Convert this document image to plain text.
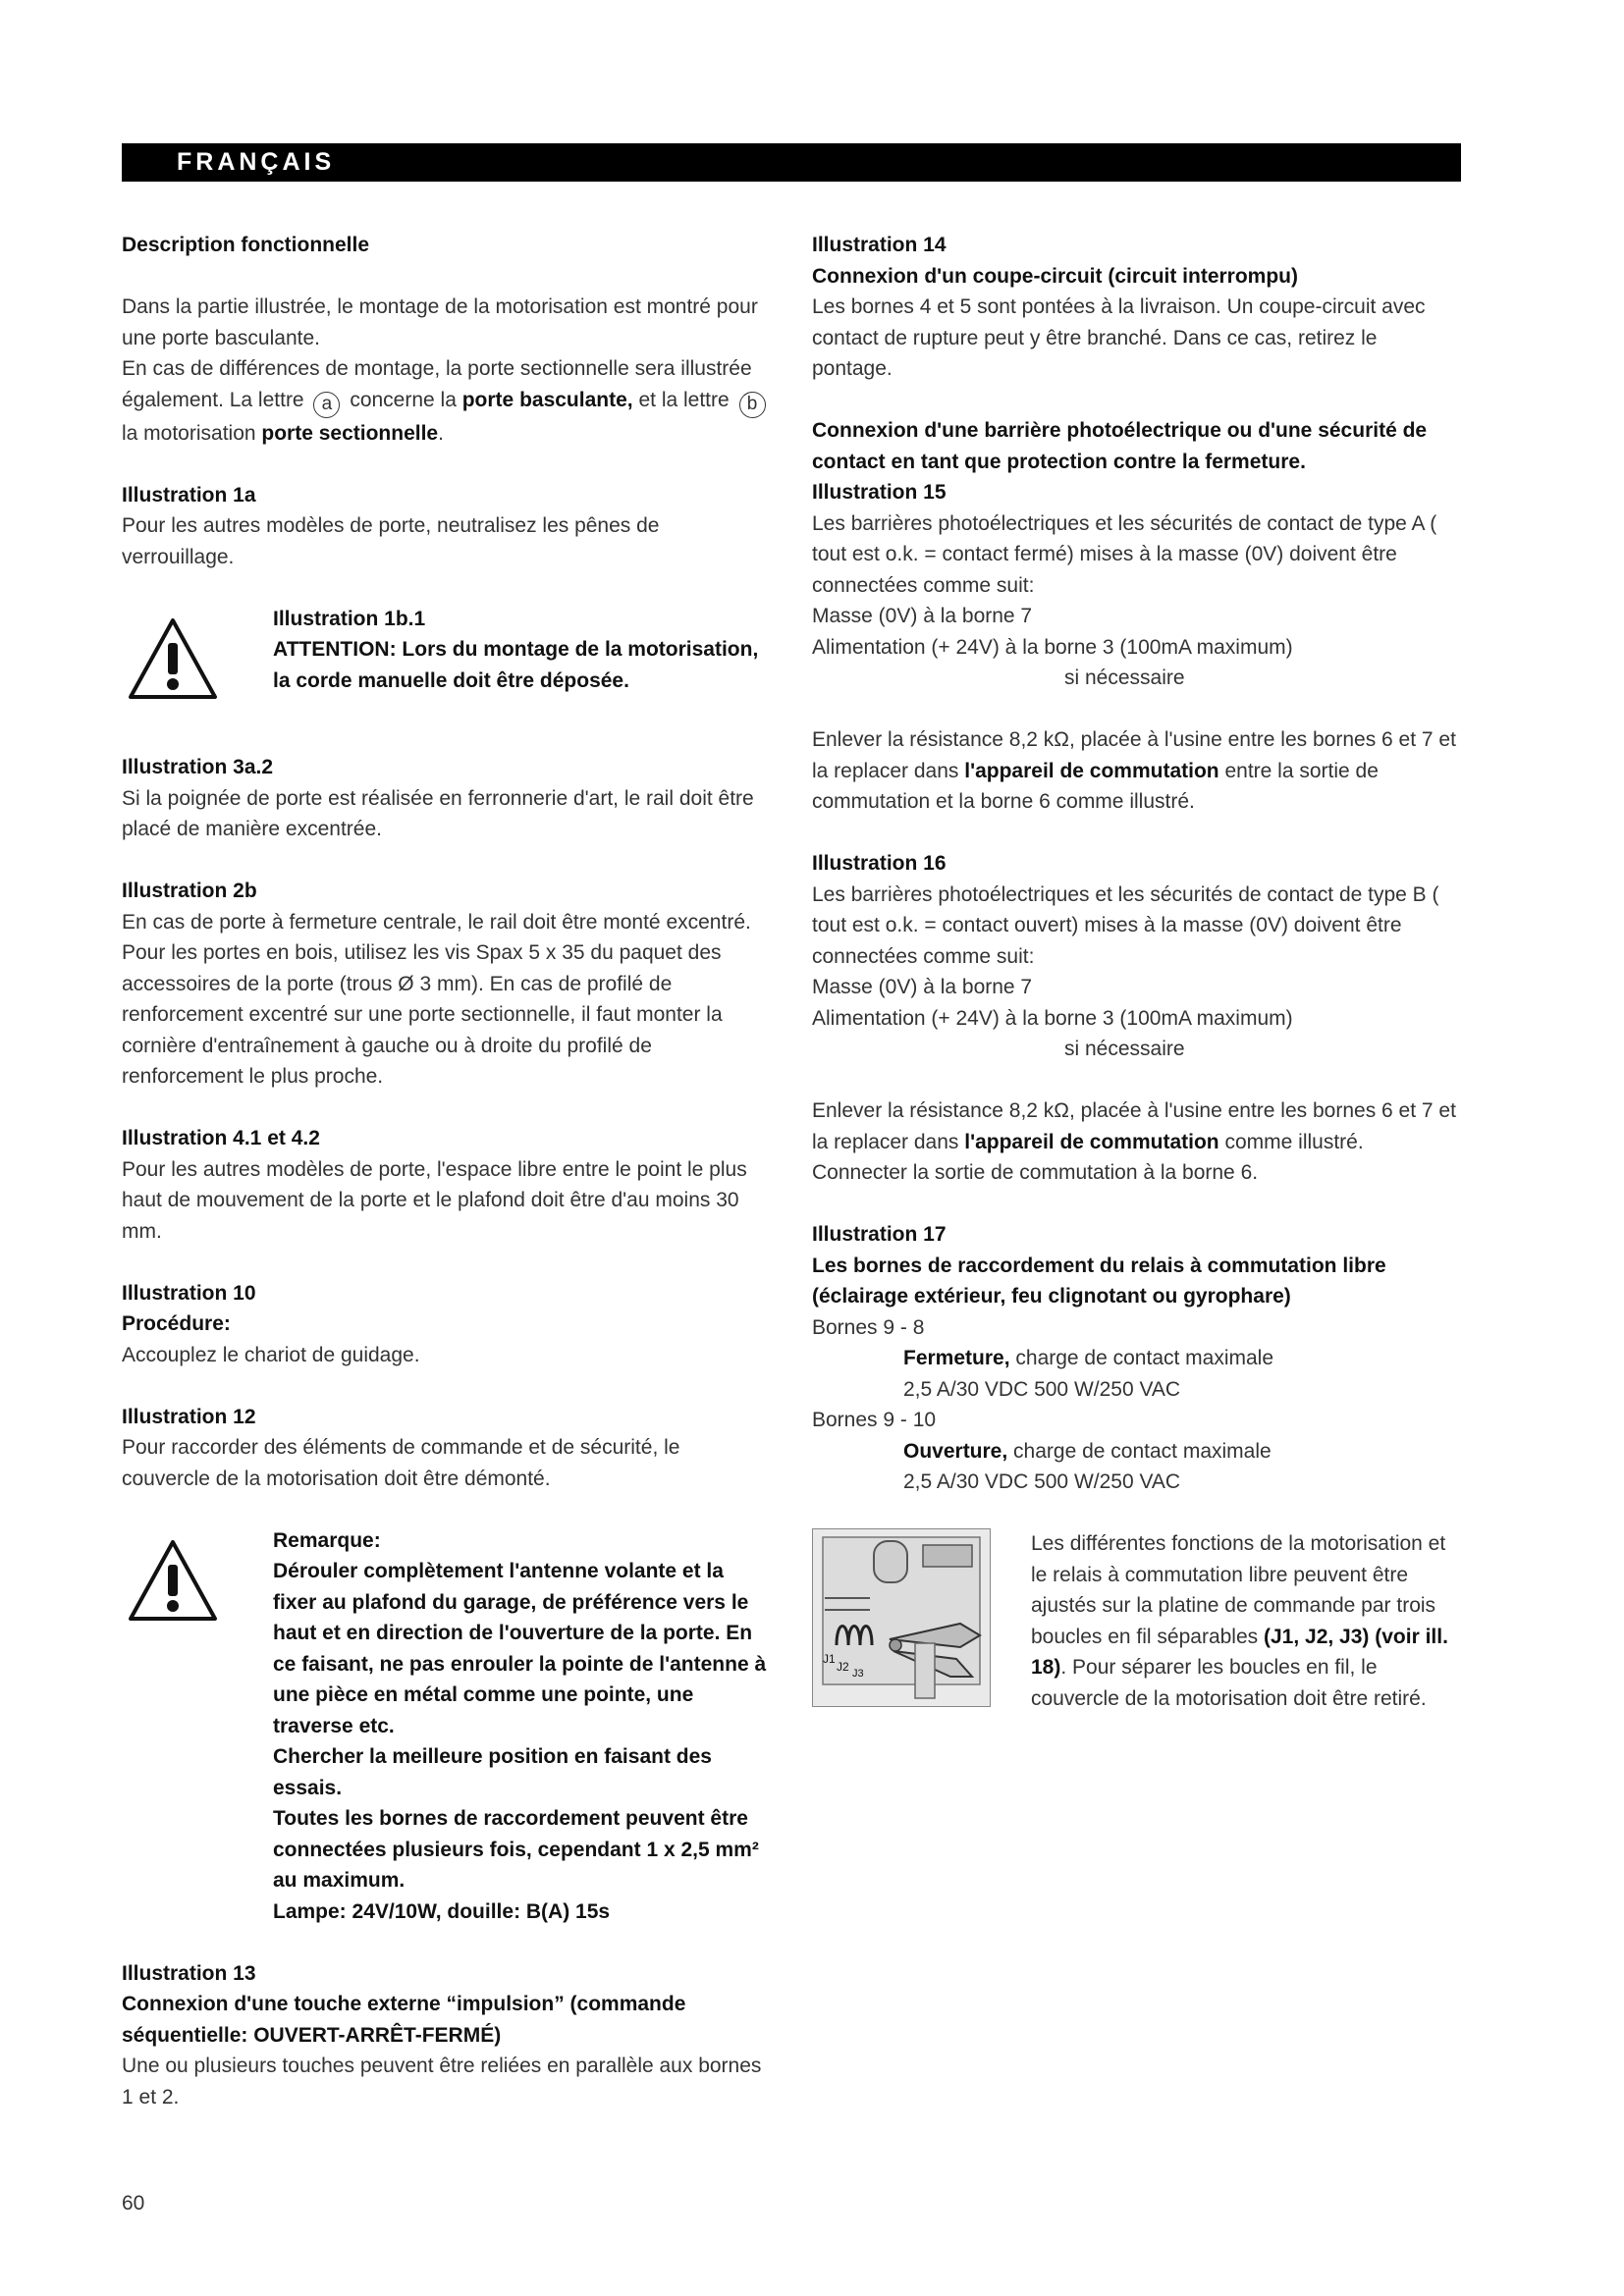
FRANÇAIS
Description fonctionnelle
Dans la partie illustrée, le montage de la motorisation est montré pour une porte basculante.
En cas de différences de montage, la porte sectionnelle sera illustrée également. La lettre a concerne la porte basculante, et la lettre b la motorisation porte sectionnelle.
Illustration 1a
Pour les autres modèles de porte, neutralisez les pênes de verrouillage.
Illustration 1b.1
ATTENTION: Lors du montage de la motorisation, la corde manuelle doit être déposée.
Illustration 3a.2
Si la poignée de porte est réalisée en ferronnerie d'art, le rail doit être placé de manière excentrée.
Illustration 2b
En cas de porte à fermeture centrale, le rail doit être monté excentré. Pour les portes en bois, utilisez les vis Spax 5 x 35 du paquet des accessoires de la porte (trous Ø 3 mm). En cas de profilé de renforcement excentré sur une porte sectionnelle, il faut monter la cornière d'entraînement à gauche ou à droite du profilé de renforcement le plus proche.
Illustration 4.1 et 4.2
Pour les autres modèles de porte, l'espace libre entre le point le plus haut de mouvement de la porte et le plafond doit être d'au moins 30 mm.
Illustration 10
Procédure:
Accouplez le chariot de guidage.
Illustration 12
Pour raccorder des éléments de commande et de sécurité, le couvercle de la motorisation doit être démonté.
Remarque:
Dérouler complètement l'antenne volante et la fixer au plafond du garage, de préférence vers le haut et en direction de l'ouverture de la porte. En ce faisant, ne pas enrouler la pointe de l'antenne à une pièce en métal comme une pointe, une traverse etc.
Chercher la meilleure position en faisant des essais.
Toutes les bornes de raccordement peuvent être connectées plusieurs fois, cependant 1 x 2,5 mm² au maximum.
Lampe: 24V/10W, douille: B(A) 15s
Illustration 13
Connexion d'une touche externe “impulsion” (commande séquentielle: OUVERT-ARRÊT-FERMÉ)
Une ou plusieurs touches peuvent être reliées en parallèle aux bornes 1 et 2.
Illustration 14
Connexion d'un coupe-circuit (circuit interrompu)
Les bornes 4 et 5 sont pontées à la livraison. Un coupe-circuit avec contact de rupture peut y être branché. Dans ce cas, retirez le pontage.
Connexion d'une barrière photoélectrique ou d'une sécurité de contact en tant que protection contre la fermeture.
Illustration 15
Les barrières photoélectriques et les sécurités de contact de type A ( tout est o.k. = contact fermé) mises à la masse (0V) doivent être connectées comme suit:
Masse (0V) à la borne 7
Alimentation (+ 24V) à la borne 3 (100mA maximum)
si nécessaire
Enlever la résistance 8,2 kΩ, placée à l'usine entre les bornes 6 et 7 et la replacer dans l'appareil de commutation entre la sortie de commutation et la borne 6 comme illustré.
Illustration 16
Les barrières photoélectriques et les sécurités de contact de type B ( tout est o.k. = contact ouvert) mises à la masse (0V) doivent être connectées comme suit:
Masse (0V) à la borne 7
Alimentation (+ 24V) à la borne 3 (100mA maximum)
si nécessaire
Enlever la résistance 8,2 kΩ, placée à l'usine entre les bornes 6 et 7 et la replacer dans l'appareil de commutation comme illustré. Connecter la sortie de commutation à la borne 6.
Illustration 17
Les bornes de raccordement du relais à commutation libre (éclairage extérieur, feu clignotant ou gyrophare)
Bornes 9 - 8
Fermeture, charge de contact maximale
2,5 A/30 VDC 500 W/250 VAC
Bornes 9 - 10
Ouverture, charge de contact maximale
2,5 A/30 VDC 500 W/250 VAC
J1
J2 J3
Les différentes fonctions de la motorisation et le relais à commutation libre peuvent être ajustés sur la platine de commande par trois boucles en fil séparables (J1, J2, J3) (voir ill. 18). Pour séparer les boucles en fil, le couvercle de la motorisation doit être retiré.
60
